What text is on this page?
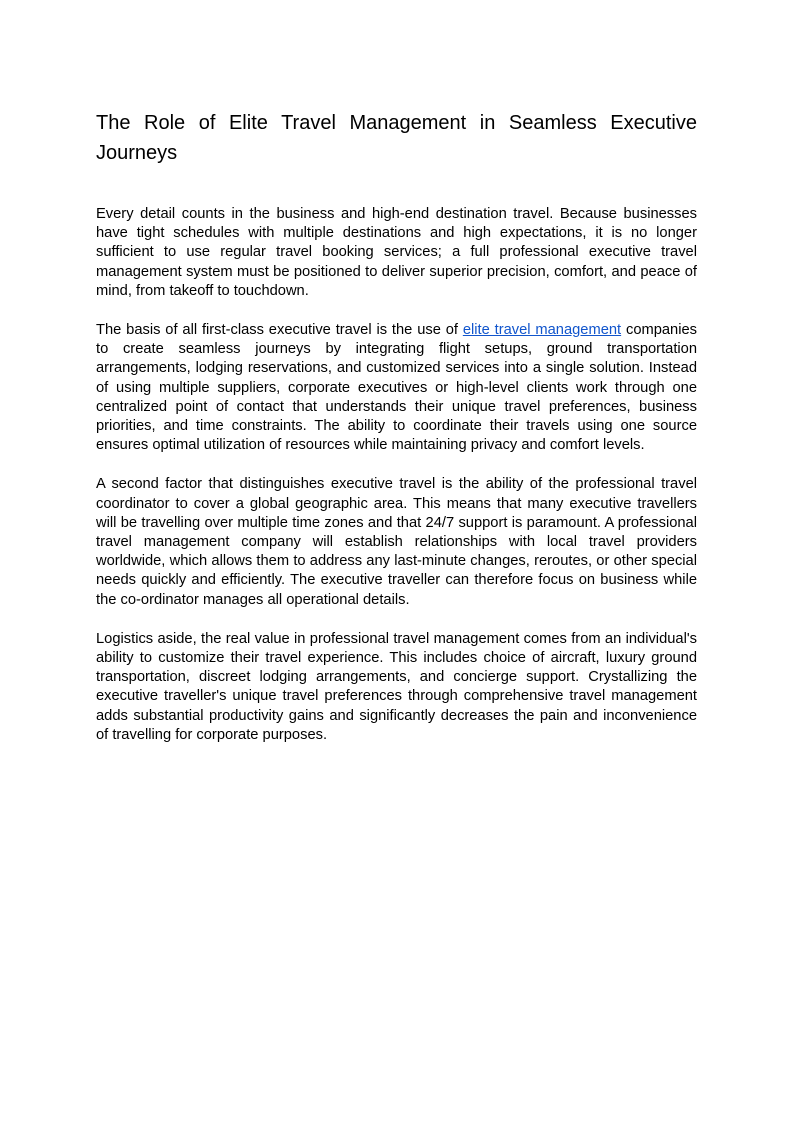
The Role of Elite Travel Management in Seamless Executive Journeys

Every detail counts in the business and high-end destination travel. Because businesses have tight schedules with multiple destinations and high expectations, it is no longer sufficient to use regular travel booking services; a full professional executive travel management system must be positioned to deliver superior precision, comfort, and peace of mind, from takeoff to touchdown.

The basis of all first-class executive travel is the use of elite travel management companies to create seamless journeys by integrating flight setups, ground transportation arrangements, lodging reservations, and customized services into a single solution. Instead of using multiple suppliers, corporate executives or high-level clients work through one centralized point of contact that understands their unique travel preferences, business priorities, and time constraints. The ability to coordinate their travels using one source ensures optimal utilization of resources while maintaining privacy and comfort levels.

A second factor that distinguishes executive travel is the ability of the professional travel coordinator to cover a global geographic area. This means that many executive travellers will be travelling over multiple time zones and that 24/7 support is paramount. A professional travel management company will establish relationships with local travel providers worldwide, which allows them to address any last-minute changes, reroutes, or other special needs quickly and efficiently. The executive traveller can therefore focus on business while the co-ordinator manages all operational details.

Logistics aside, the real value in professional travel management comes from an individual's ability to customize their travel experience. This includes choice of aircraft, luxury ground transportation, discreet lodging arrangements, and concierge support. Crystallizing the executive traveller's unique travel preferences through comprehensive travel management adds substantial productivity gains and significantly decreases the pain and inconvenience of travelling for corporate purposes.
